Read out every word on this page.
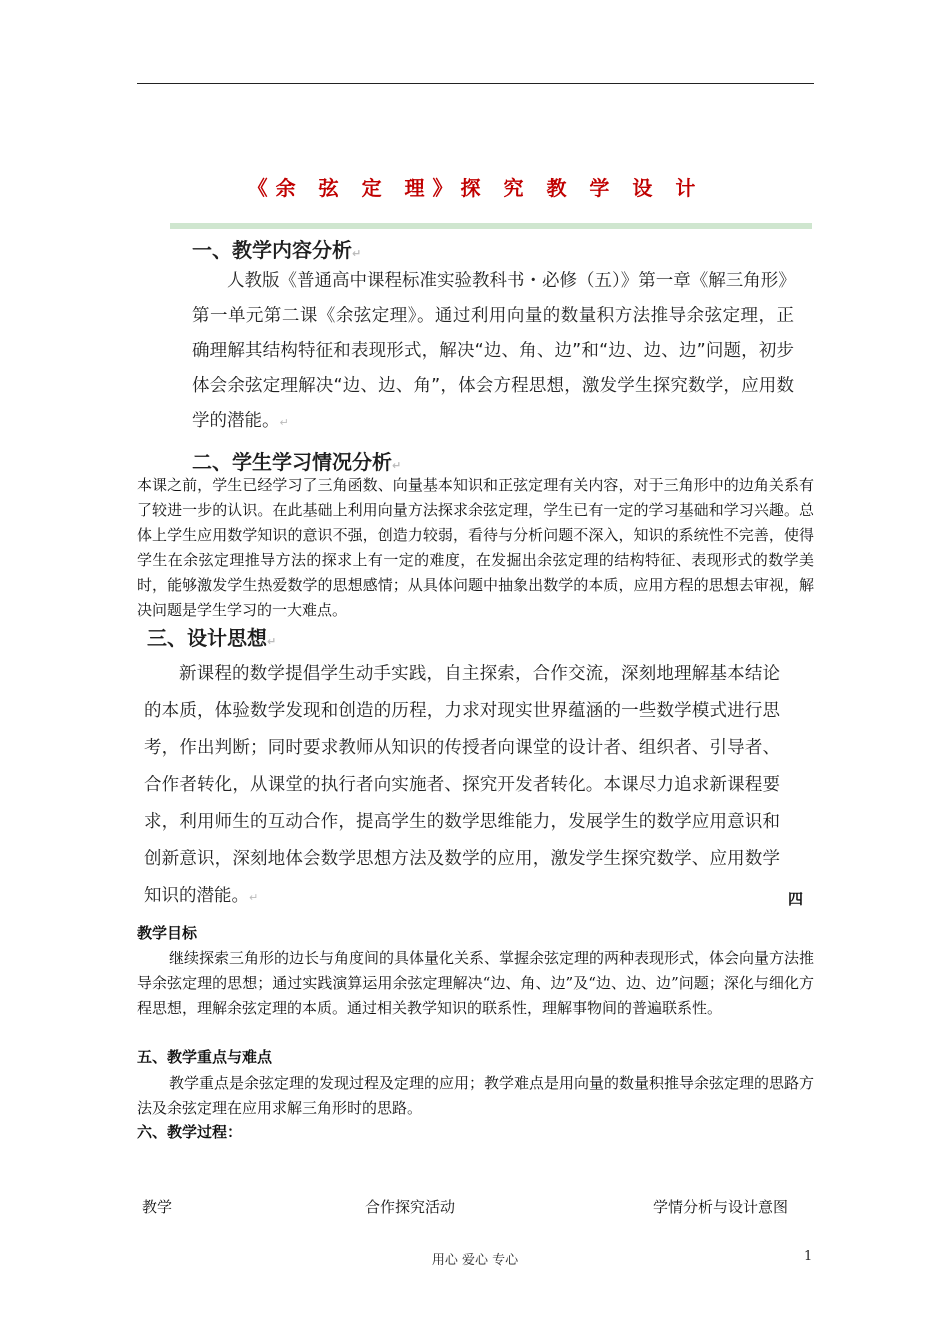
《余 弦 定 理》探 究 教 学 设 计
一、教学内容分析↵
人教版《普通高中课程标准实验教科书・必修（五）》第一章《解三角形》
第一单元第二课《余弦定理》。通过利用向量的数量积方法推导余弦定理，正确理解其结构特征和表现形式，解决“边、角、边”和“边、边、边”问题，初步体会余弦定理解决“边、边、角”，体会方程思想，激发学生探究数学，应用数学的潜能。↵
二、学生学习情况分析↵
本课之前，学生已经学习了三角函数、向量基本知识和正弦定理有关内容，对于三角形中的边角关系有了较进一步的认识。在此基础上利用向量方法探求余弦定理，学生已有一定的学习基础和学习兴趣。总体上学生应用数学知识的意识不强，创造力较弱，看待与分析问题不深入，知识的系统性不完善，使得学生在余弦定理推导方法的探求上有一定的难度，在发掘出余弦定理的结构特征、表现形式的数学美时，能够激发学生热爱数学的思想感情；从具体问题中抽象出数学的本质，应用方程的思想去审视，解决问题是学生学习的一大难点。
三、设计思想↵
新课程的数学提倡学生动手实践，自主探索，合作交流，深刻地理解基本结论的本质，体验数学发现和创造的历程，力求对现实世界蕴涵的一些数学模式进行思考，作出判断；同时要求教师从知识的传授者向课堂的设计者、组织者、引导者、合作者转化，从课堂的执行者向实施者、探究开发者转化。本课尽力追求新课程要求，利用师生的互动合作，提高学生的数学思维能力，发展学生的数学应用意识和创新意识，深刻地体会数学思想方法及数学的应用，激发学生探究数学、应用数学知识的潜能。↵	四
教学目标
继续探索三角形的边长与角度间的具体量化关系、掌握余弦定理的两种表现形式，体会向量方法推导余弦定理的思想；通过实践演算运用余弦定理解决“边、角、边”及“边、边、边”问题；深化与细化方程思想，理解余弦定理的本质。通过相关教学知识的联系性，理解事物间的普遍联系性。
五、教学重点与难点
教学重点是余弦定理的发现过程及定理的应用；教学难点是用向量的数量积推导余弦定理的思路方法及余弦定理在应用求解三角形时的思路。
六、教学过程：
教学	合作探究活动	学情分析与设计意图
用心 爱心 专心	1
